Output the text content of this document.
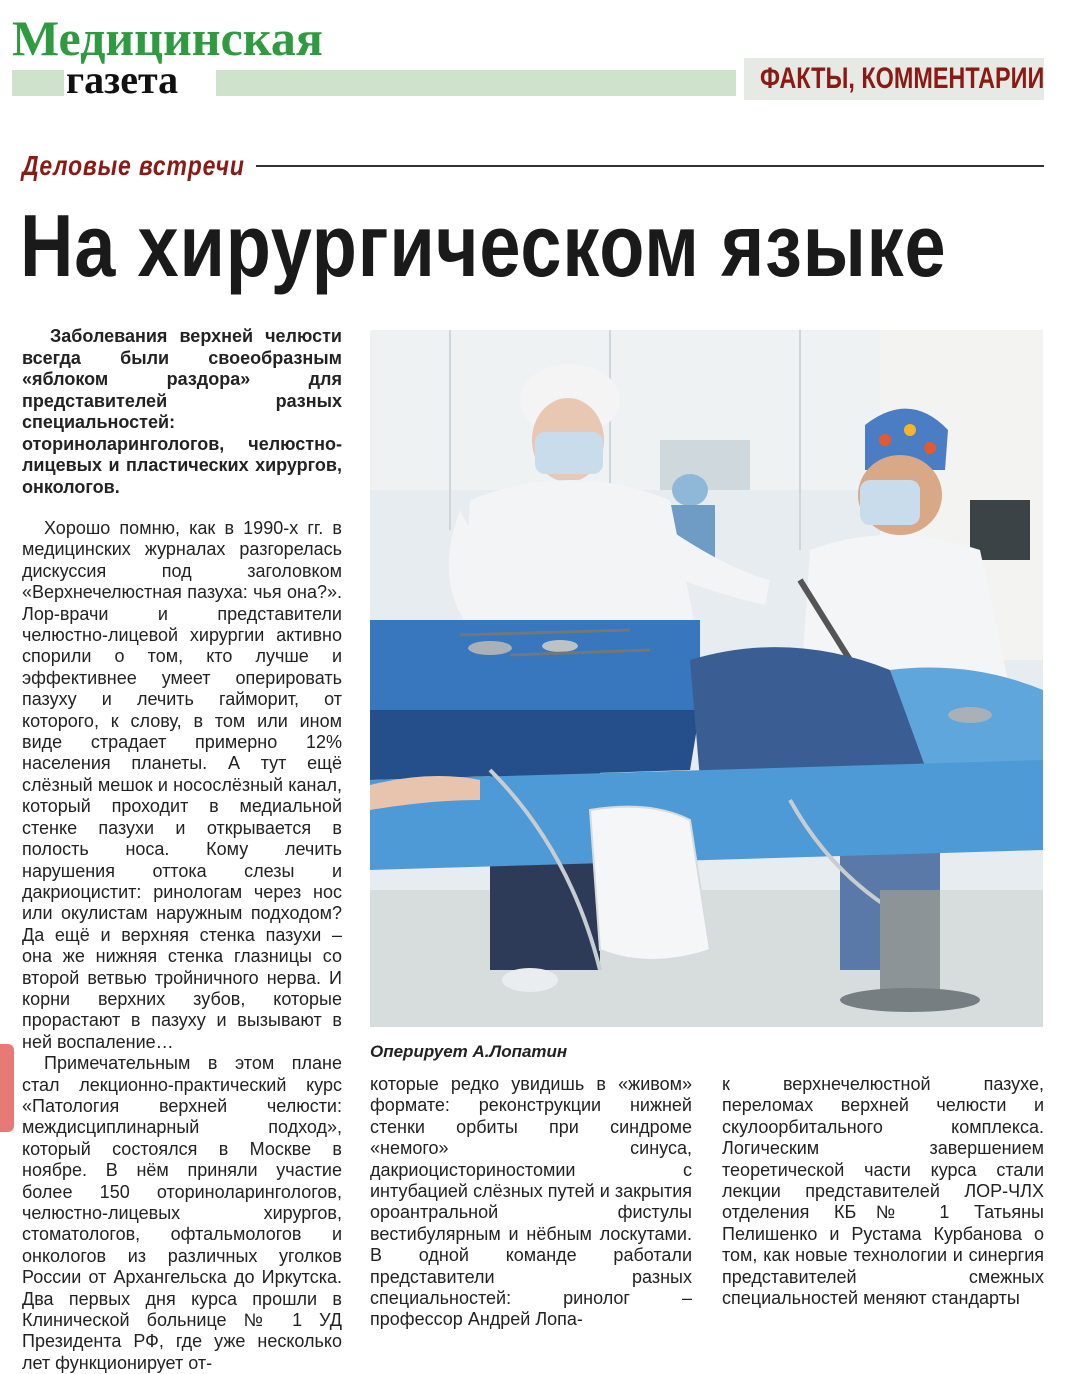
Медицинская
газета	ФАКТЫ, КОММЕНТАРИИ
Деловые встречи
На хирургическом языке

Заболевания верхней челюсти всегда были своеобразным «яблоком раздора» для представителей разных специальностей: оториноларингологов, челюстно-лицевых и пластических хирургов, онкологов.

Хорошо помню, как в 1990-х гг. в медицинских журналах разгорелась дискуссия под заголовком «Верхнечелюстная пазуха: чья она?». Лор-врачи и представители челюстно-лицевой хирургии активно спорили о том, кто лучше и эффективнее умеет оперировать пазуху и лечить гайморит, от которого, к слову, в том или ином виде страдает примерно 12% населения планеты. А тут ещё слёзный мешок и носослёзный канал, который проходит в медиальной стенке пазухи и открывается в полость носа. Кому лечить нарушения оттока слезы и дакриоцистит: ринологам через нос или окулистам наружным подходом? Да ещё и верхняя стенка пазухи – она же нижняя стенка глазницы со второй ветвью тройничного нерва. И корни верхних зубов, которые прорастают в пазуху и вызывают в ней воспаление…

Примечательным в этом плане стал лекционно-практический курс «Патология верхней челюсти: междисциплинарный подход», который состоялся в Москве в ноябре. В нём приняли участие более 150 оториноларингологов, челюстно-лицевых хирургов, стоматологов, офтальмологов и онкологов из различных уголков России от Архангельска до Иркутска. Два первых дня курса прошли в Клинической больнице № 1 УД Президента РФ, где уже несколько лет функционирует от-

Оперирует А.Лопатин

которые редко увидишь в «живом» формате: реконструкции нижней стенки орбиты при синдроме «немого» синуса, дакриоцисториностомии с интубацией слёзных путей и закрытия ороантральной фистулы вестибулярным и нёбным лоскутами. В одной команде работали представители разных специальностей: ринолог – профессор Андрей Лопа-

к верхнечелюстной пазухе, переломах верхней челюсти и скулоорбитального комплекса. Логическим завершением теоретической части курса стали лекции представителей ЛОР-ЧЛХ отделения КБ№ 1 Татьяны Пелишенко и Рустама Курбанова о том, как новые технологии и синергия представителей смежных специальностей меняют стандарты
